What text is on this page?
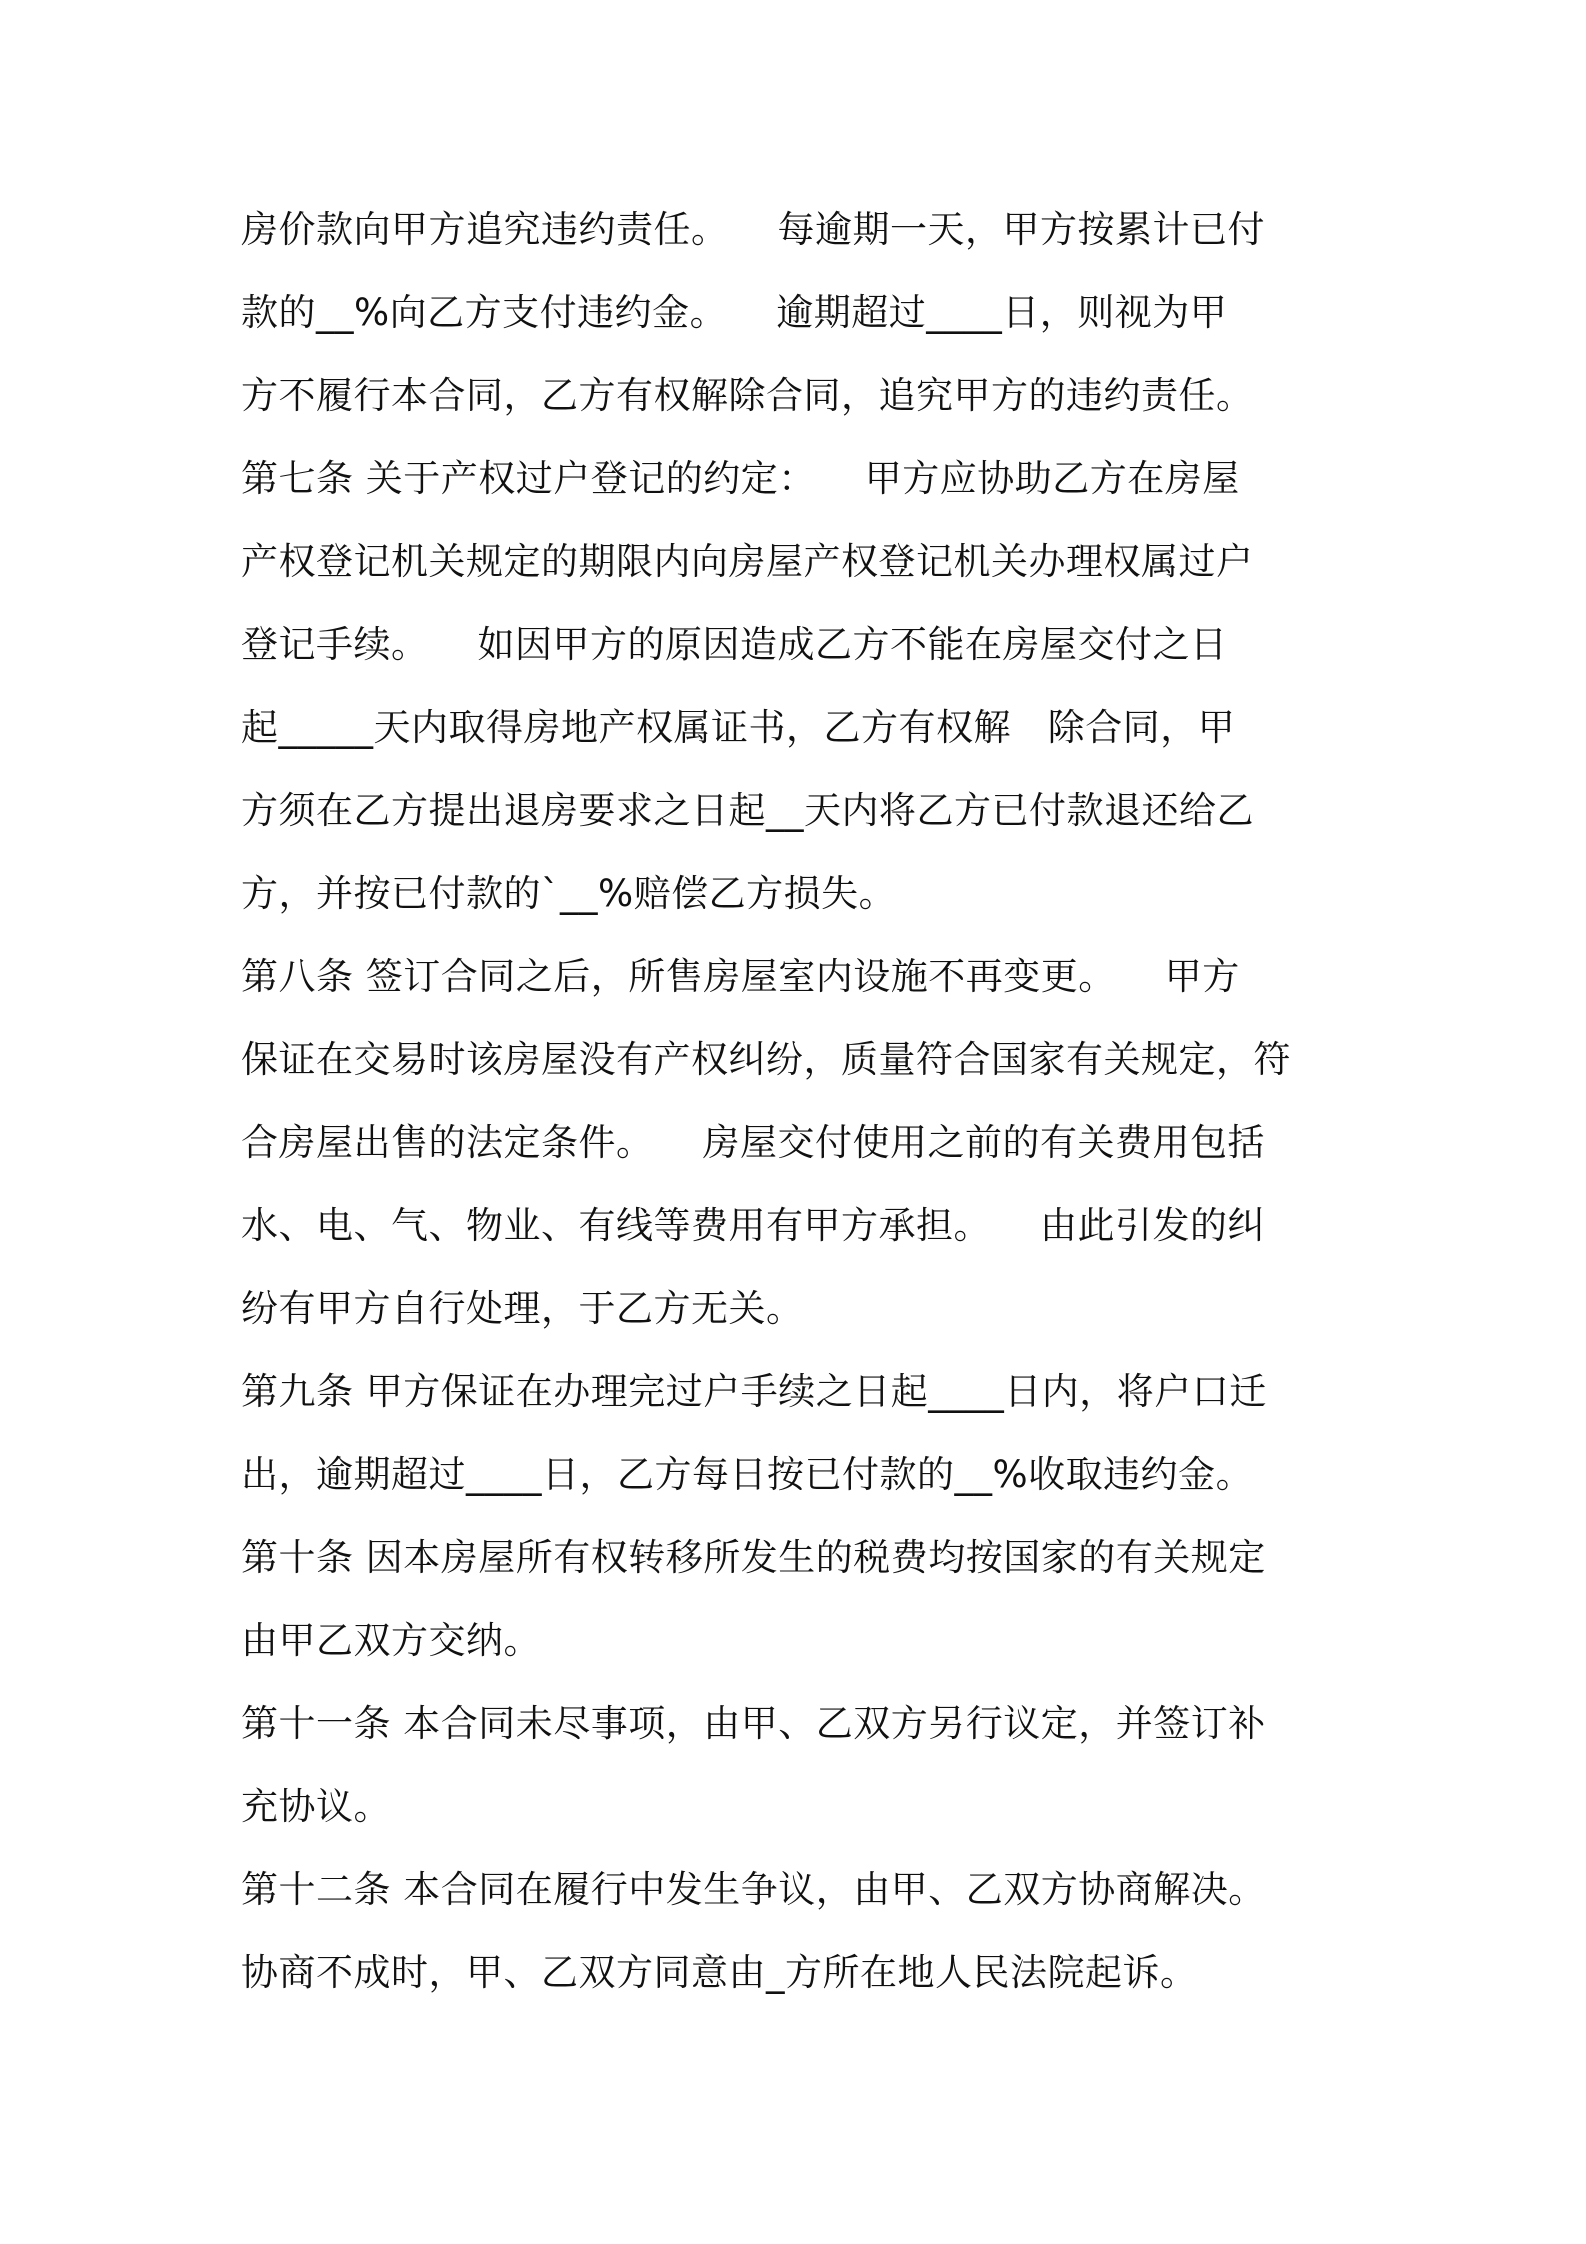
房价款向甲方追究违约责任。    每逾期一天，甲方按累计已付
款的__%向乙方支付违约金。    逾期超过____日，则视为甲
方不履行本合同，乙方有权解除合同，追究甲方的违约责任。
第七条 关于产权过户登记的约定：    甲方应协助乙方在房屋
产权登记机关规定的期限内向房屋产权登记机关办理权属过户
登记手续。    如因甲方的原因造成乙方不能在房屋交付之日
起_____天内取得房地产权属证书，乙方有权解   除合同，甲
方须在乙方提出退房要求之日起__天内将乙方已付款退还给乙
方，并按已付款的`__%赔偿乙方损失。
第八条 签订合同之后，所售房屋室内设施不再变更。    甲方
保证在交易时该房屋没有产权纠纷，质量符合国家有关规定，符
合房屋出售的法定条件。    房屋交付使用之前的有关费用包括
水、电、气、物业、有线等费用有甲方承担。    由此引发的纠
纷有甲方自行处理，于乙方无关。
第九条 甲方保证在办理完过户手续之日起____日内，将户口迁
出，逾期超过____日，乙方每日按已付款的__%收取违约金。
第十条 因本房屋所有权转移所发生的税费均按国家的有关规定
由甲乙双方交纳。
第十一条 本合同未尽事项，由甲、乙双方另行议定，并签订补
充协议。
第十二条 本合同在履行中发生争议，由甲、乙双方协商解决。
协商不成时，甲、乙双方同意由_方所在地人民法院起诉。
